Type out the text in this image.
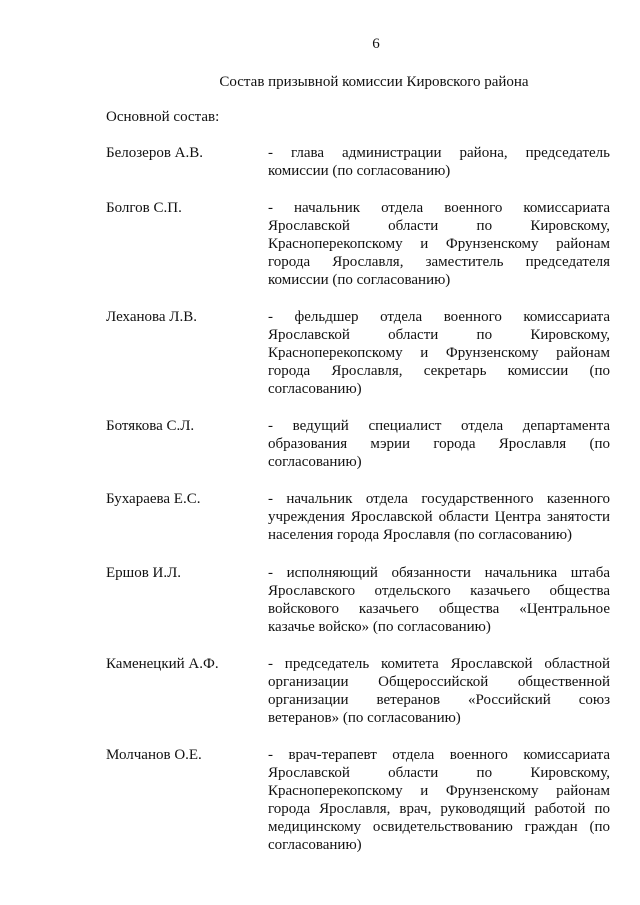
6
Состав призывной комиссии Кировского района
Основной состав:
Белозеров А.В.	- глава администрации района, председатель комиссии (по согласованию)
Болгов С.П.	- начальник отдела военного комиссариата Ярославской области по Кировскому, Красноперекопскому и Фрунзенскому районам города Ярославля, заместитель председателя комиссии (по согласованию)
Леханова Л.В.	- фельдшер отдела военного комиссариата Ярославской области по Кировскому, Красноперекопскому и Фрунзенскому районам города Ярославля, секретарь комиссии (по согласованию)
Ботякова С.Л.	- ведущий специалист отдела департамента образования мэрии города Ярославля (по согласованию)
Бухараева Е.С.	- начальник отдела государственного казенного учреждения Ярославской области Центра занятости населения города Ярославля (по согласованию)
Ершов И.Л.	- исполняющий обязанности начальника штаба Ярославского отдельского казачьего общества войскового казачьего общества «Центральное казачье войско» (по согласованию)
Каменецкий А.Ф.	- председатель комитета Ярославской областной организации Общероссийской общественной организации ветеранов «Российский союз ветеранов» (по согласованию)
Молчанов О.Е.	- врач-терапевт отдела военного комиссариата Ярославской области по Кировскому, Красноперекопскому и Фрунзенскому районам города Ярославля, врач, руководящий работой по медицинскому освидетельствованию граждан (по согласованию)
